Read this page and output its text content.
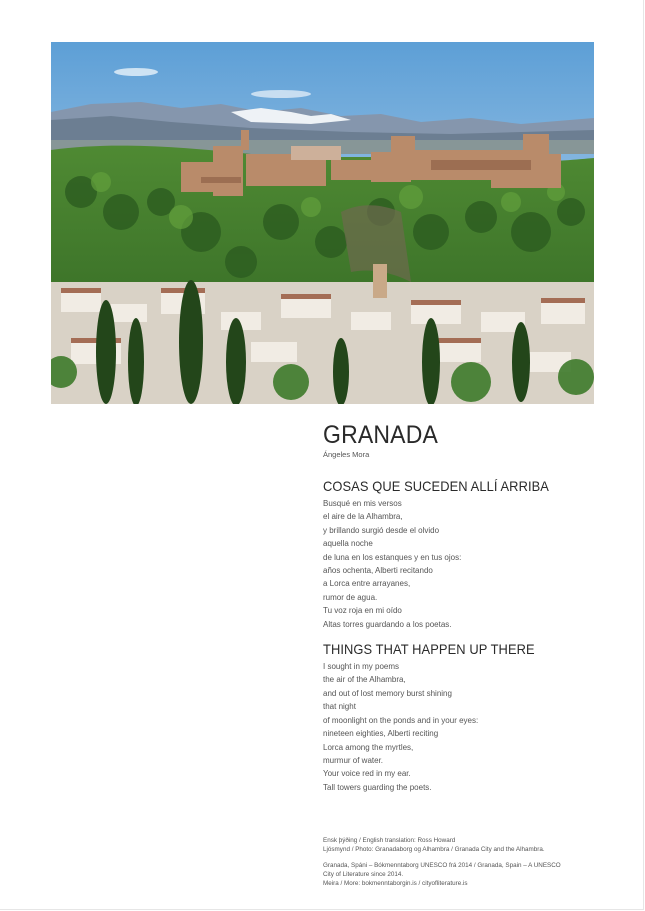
GRANADA
Ángeles Mora
COSAS QUE SUCEDEN ALLÍ ARRIBA
Busqué en mis versos
el aire de la Alhambra,
y brillando surgió desde el olvido
aquella noche
de luna en los estanques y en tus ojos:
años ochenta, Alberti recitando
a Lorca entre arrayanes,
rumor de agua.
Tu voz roja en mi oído
Altas torres guardando a los poetas.
THINGS THAT HAPPEN UP THERE
I sought in my poems
the air of the Alhambra,
and out of lost memory burst shining
that night
of moonlight on the ponds and in your eyes:
nineteen eighties, Alberti reciting
Lorca among the myrtles,
murmur of water.
Your voice red in my ear.
Tall towers guarding the poets.
Ensk þýðing / English translation: Ross Howard
Ljósmynd / Photo: Granadaborg og Alhambra / Granada City and the Alhambra.
Granada, Spáni – Bókmenntaborg UNESCO frá 2014 / Granada, Spain – A UNESCO
City of Literature since 2014.
Meira / More: bokmenntaborgin.is / cityofliterature.is
